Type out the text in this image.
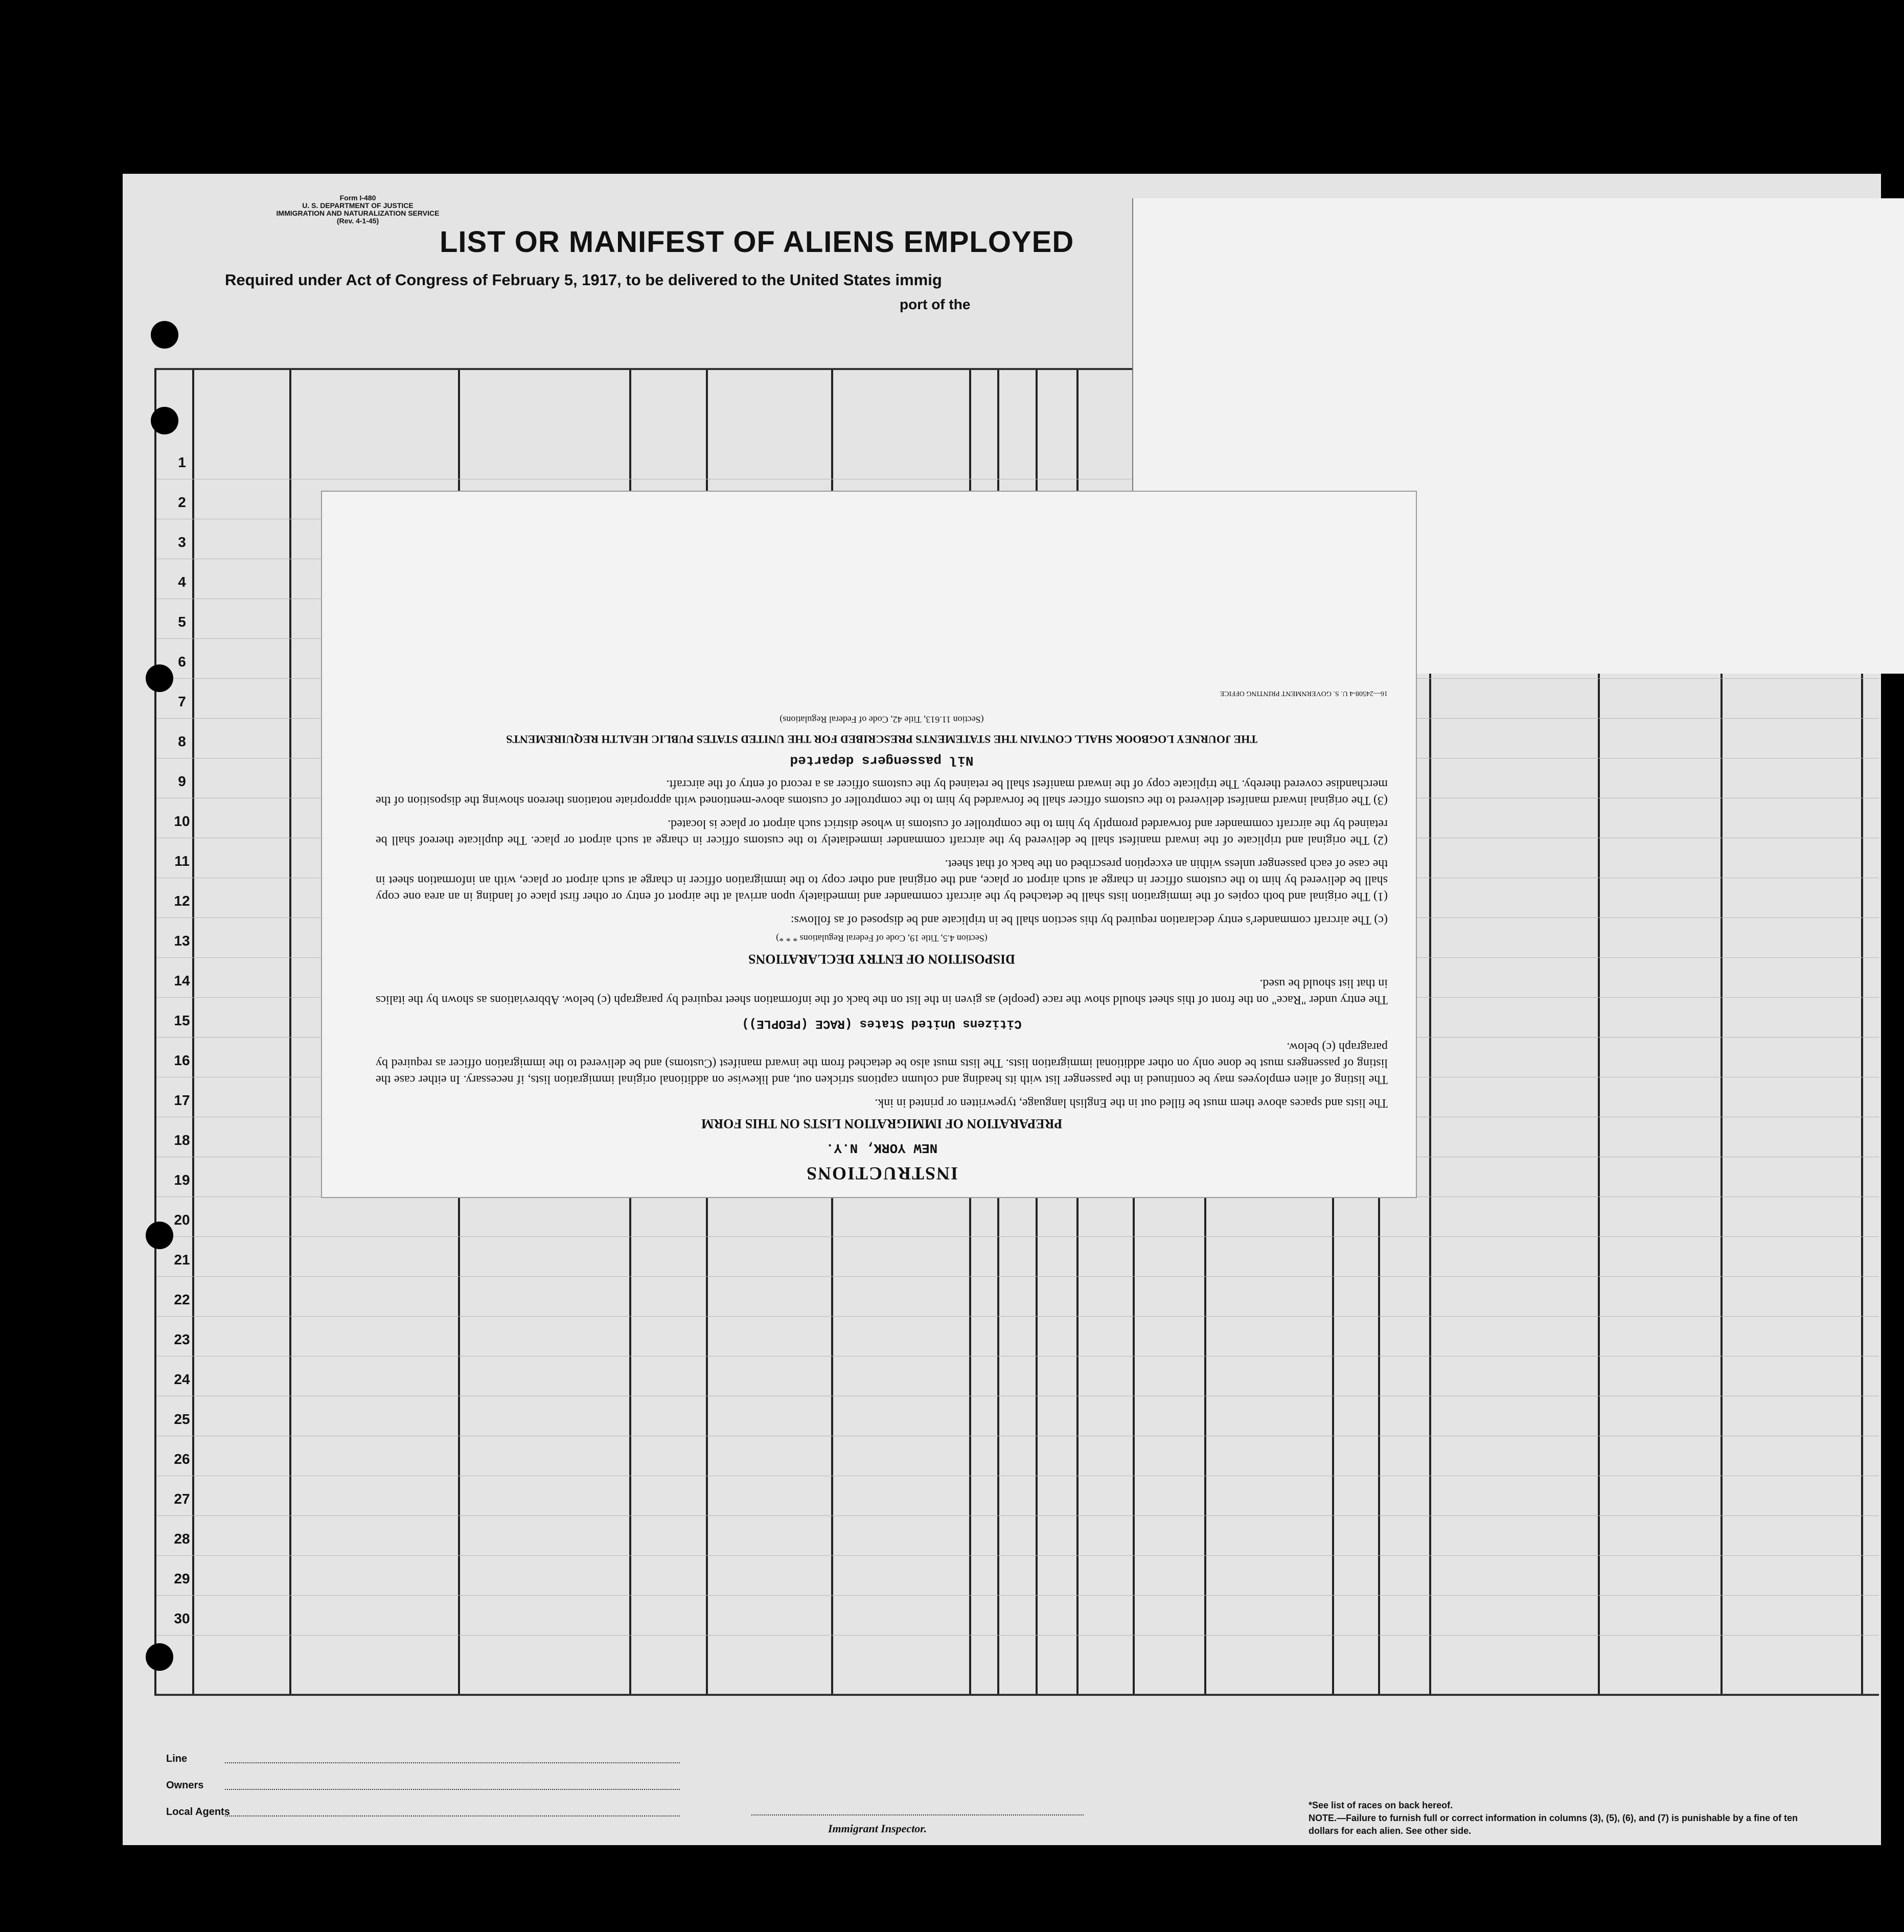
Form I-480
U. S. DEPARTMENT OF JUSTICE
IMMIGRATION AND NATURALIZATION SERVICE
(Rev. 4-1-45)
LIST OR MANIFEST OF ALIENS EMPLOYED
Required under Act of Congress of February 5, 1917, to be delivered to the United States immig
port of the
1
2
3
4
5
6
7
8
9
10
11
12
13
14
15
16
17
18
19
20
21
22
23
24
25
26
27
28
29
30
Line
Owners
Local Agents
Immigrant Inspector.
*See list of races on back hereof.
NOTE.—Failure to furnish full or correct information in columns (3), (5), (6), and (7) is punishable by a fine of ten dollars for each alien. See other side.
INSTRUCTIONS
NEW YORK, N.Y.
PREPARATION OF IMMIGRATION LISTS ON THIS FORM

The lists and spaces above them must be filled out in the English language, typewritten or printed in ink.

The listing of alien employees may be continued in the passenger list with its heading and column captions stricken out, and likewise on additional original immigration lists, if necessary. In either case the listing of passengers must be done only on other additional immigration lists. The lists must also be detached from the inward manifest (Customs) and be delivered to the immigration officer as required by paragraph (c) below.

Citizens United States (RACE (PEOPLE))

The entry under "Race" on the front of this sheet should show the race (people) as given in the list on the back of the information sheet required by paragraph (c) below. Abbreviations as shown by the italics in that list should be used.

DISPOSITION OF ENTRY DECLARATIONS
(Section 4.5, Title 19, Code of Federal Regulations * * *)

(c) The aircraft commander's entry declaration required by this section shall be in triplicate and be disposed of as follows:

(1) The original and both copies of the immigration lists shall be detached by the aircraft commander and immediately upon arrival at the airport of entry or other first place of landing in an area one copy shall be delivered by him to the customs officer in charge at such airport or place, and the original and other copy to the immigration officer in charge at such airport or place, with an information sheet in the case of each passenger unless within an exception prescribed on the back of that sheet.

(2) The original and triplicate of the inward manifest shall be delivered by the aircraft commander immediately to the customs officer in charge at such airport or place. The duplicate thereof shall be retained by the aircraft commander and forwarded promptly by him to the comptroller of customs in whose district such airport or place is located.

(3) The original inward manifest delivered to the customs officer shall be forwarded by him to the comptroller of customs above-mentioned with appropriate notations thereon showing the disposition of the merchandise covered thereby. The triplicate copy of the inward manifest shall be retained by the customs officer as a record of entry of the aircraft.

Nil passengers departed
THE JOURNEY LOGBOOK SHALL CONTAIN THE STATEMENTS PRESCRIBED FOR THE UNITED STATES PUBLIC HEALTH REQUIREMENTS
(Section 11.613, Title 42, Code of Federal Regulations)
16—24508-4 U. S. GOVERNMENT PRINTING OFFICE
